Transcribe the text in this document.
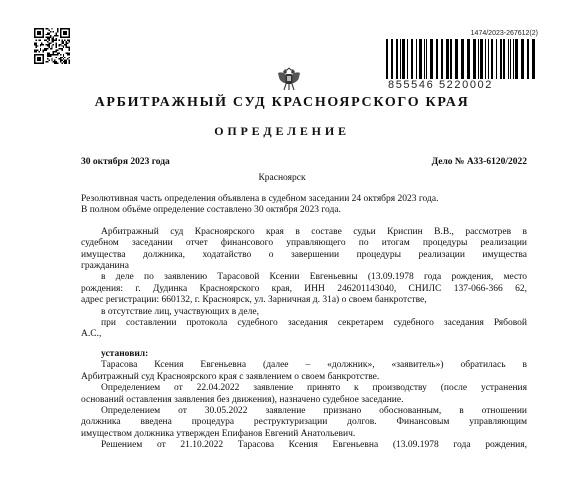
1474/2023-267612(2)
855546 5220002
АРБИТРАЖНЫЙ СУД КРАСНОЯРСКОГО КРАЯ
ОПРЕДЕЛЕНИЕ
30 октября 2023 года	Дело № А33-6120/2022
Красноярск

Резолютивная часть определения объявлена в судебном заседании 24 октября 2023 года.

В полном объёме определение составлено 30 октября 2023 года.

Арбитражный суд Красноярского края в составе судьи Криспин В.В., рассмотрев в

судебном заседании отчет финансового управляющего по итогам процедуры реализации

имущества должника, ходатайство о завершении процедуры реализации имущества

гражданина

в деле по заявлению Тарасовой Ксении Евгеньевны (13.09.1978 года рождения, место

рождения: г. Дудинка Красноярского края, ИНН 246201143040, СНИЛС 137-066-366 62,

адрес регистрации: 660132, г. Красноярск, ул. Зарничная д. 31а) о своем банкротстве,

в отсутствие лиц, участвующих в деле,

при составлении протокола судебного заседания секретарем судебного заседания Рябовой

А.С.,

установил:

Тарасова Ксения Евгеньевна (далее – «должник», «заявитель») обратилась в

Арбитражный суд Красноярского края с заявлением о своем банкротстве.

Определением от 22.04.2022 заявление принято к производству (после устранения

оснований оставления заявления без движения), назначено судебное заседание.

Определением от 30.05.2022 заявление признано обоснованным, в отношении

должника введена процедура реструктуризации долгов. Финансовым управляющим

имуществом должника утвержден Епифанов Евгений Анатольевич.

Решением от 21.10.2022 Тарасова Ксения Евгеньевна (13.09.1978 года рождения,
